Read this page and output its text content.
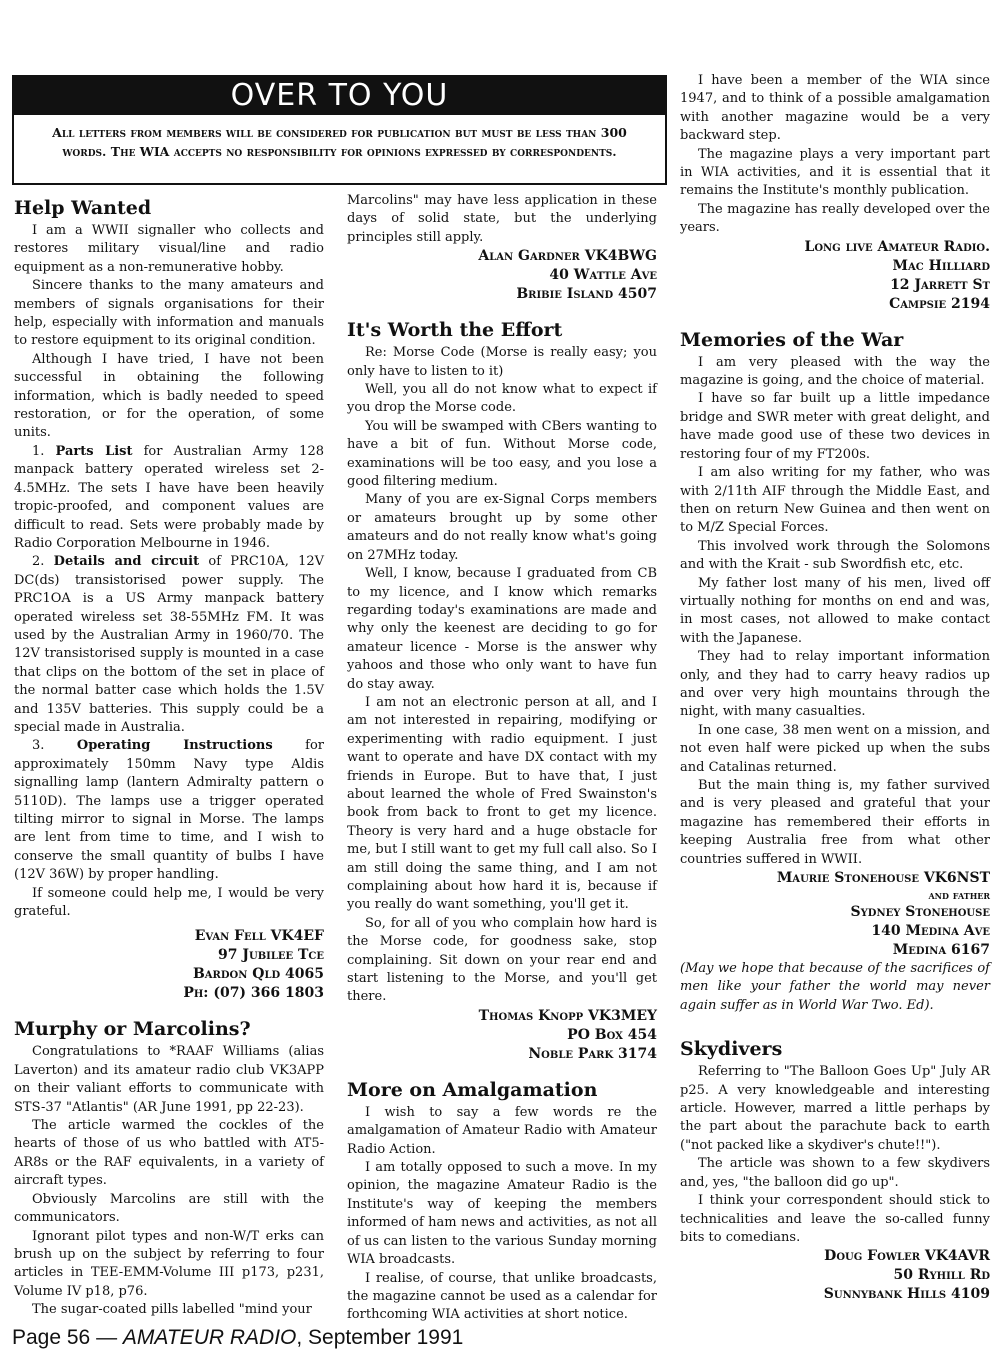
OVER TO YOU
All letters from members will be considered for publication but must be less than 300 words. The WIA accepts no responsibility for opinions expressed by correspondents.
Help Wanted

I am a WWII signaller who collects and restores military visual/line and radio equipment as a non-remunerative hobby.

Sincere thanks to the many amateurs and members of signals organisations for their help, especially with information and manuals to restore equipment to its original condition.

Although I have tried, I have not been successful in obtaining the following information, which is badly needed to speed restoration, or for the operation, of some units.

1. Parts List for Australian Army 128 manpack battery operated wireless set 2-4.5MHz. The sets I have have been heavily tropic-proofed, and component values are difficult to read. Sets were probably made by Radio Corporation Melbourne in 1946.

2. Details and circuit of PRC10A, 12V DC(ds) transistorised power supply. The PRC1OA is a US Army manpack battery operated wireless set 38-55MHz FM. It was used by the Australian Army in 1960/70. The 12V transistorised supply is mounted in a case that clips on the bottom of the set in place of the normal batter case which holds the 1.5V and 135V batteries. This supply could be a special made in Australia.

3. Operating Instructions for approximately 150mm Navy type Aldis signalling lamp (lantern Admiralty pattern o 5110D). The lamps use a trigger operated tilting mirror to signal in Morse. The lamps are lent from time to time, and I wish to conserve the small quantity of bulbs I have (12V 36W) by proper handling.

If someone could help me, I would be very grateful.

Evan Fell VK4EF
97 Jubilee Tce
Bardon Qld 4065
Ph: (07) 366 1803
Murphy or Marcolins?

Congratulations to *RAAF Williams (alias Laverton) and its amateur radio club VK3APP on their valiant efforts to communicate with STS-37 "Atlantis" (AR June 1991, pp 22-23).

The article warmed the cockles of the hearts of those of us who battled with AT5-AR8s or the RAF equivalents, in a variety of aircraft types.

Obviously Marcolins are still with the communicators.

Ignorant pilot types and non-W/T erks can brush up on the subject by referring to four articles in TEE-EMM-Volume III p173, p231, Volume IV p18, p76.

The sugar-coated pills labelled "mind your

Marcolins" may have less application in these days of solid state, but the underlying principles still apply.

Alan Gardner VK4BWG
40 Wattle Ave
Bribie Island 4507
It's Worth the Effort

Re: Morse Code (Morse is really easy; you only have to listen to it)

Well, you all do not know what to expect if you drop the Morse code.

You will be swamped with CBers wanting to have a bit of fun. Without Morse code, examinations will be too easy, and you lose a good filtering medium.

Many of you are ex-Signal Corps members or amateurs brought up by some other amateurs and do not really know what's going on 27MHz today.

Well, I know, because I graduated from CB to my licence, and I know which remarks regarding today's examinations are made and why only the keenest are deciding to go for amateur licence - Morse is the answer why yahoos and those who only want to have fun do stay away.

I am not an electronic person at all, and I am not interested in repairing, modifying or experimenting with radio equipment. I just want to operate and have DX contact with my friends in Europe. But to have that, I just about learned the whole of Fred Swainston's book from back to front to get my licence. Theory is very hard and a huge obstacle for me, but I still want to get my full call also. So I am still doing the same thing, and I am not complaining about how hard it is, because if you really do want something, you'll get it.

So, for all of you who complain how hard is the Morse code, for goodness sake, stop complaining. Sit down on your rear end and start listening to the Morse, and you'll get there.

Thomas Knopp VK3MEY
PO Box 454
Noble Park 3174
More on Amalgamation

I wish to say a few words re the amalgamation of Amateur Radio with Amateur Radio Action.

I am totally opposed to such a move. In my opinion, the magazine Amateur Radio is the Institute's way of keeping the members informed of ham news and activities, as not all of us can listen to the various Sunday morning WIA broadcasts.

I realise, of course, that unlike broadcasts, the magazine cannot be used as a calendar for forthcoming WIA activities at short notice.

I have been a member of the WIA since 1947, and to think of a possible amalgamation with another magazine would be a very backward step.

The magazine plays a very important part in WIA activities, and it is essential that it remains the Institute's monthly publication.

The magazine has really developed over the years.

Long live Amateur Radio.
Mac Hilliard
12 Jarrett St
Campsie 2194
Memories of the War

I am very pleased with the way the magazine is going, and the choice of material.

I have so far built up a little impedance bridge and SWR meter with great delight, and have made good use of these two devices in restoring four of my FT200s.

I am also writing for my father, who was with 2/11th AIF through the Middle East, and then on return New Guinea and then went on to M/Z Special Forces.

This involved work through the Solomons and with the Krait - sub Swordfish etc, etc.

My father lost many of his men, lived off virtually nothing for months on end and was, in most cases, not allowed to make contact with the Japanese.

They had to relay important information only, and they had to carry heavy radios up and over very high mountains through the night, with many casualties.

In one case, 38 men went on a mission, and not even half were picked up when the subs and Catalinas returned.

But the main thing is, my father survived and is very pleased and grateful that your magazine has remembered their efforts in keeping Australia free from what other countries suffered in WWII.

Maurie Stonehouse VK6NST
and father
Sydney Stonehouse
140 Medina Ave
Medina 6167

(May we hope that because of the sacrifices of men like your father the world may never again suffer as in World War Two. Ed).

Skydivers

Referring to "The Balloon Goes Up" July AR p25. A very knowledgeable and interesting article. However, marred a little perhaps by the part about the parachute back to earth ("not packed like a skydiver's chute!!").

The article was shown to a few skydivers and, yes, "the balloon did go up".

I think your correspondent should stick to technicalities and leave the so-called funny bits to comedians.

Doug Fowler VK4AVR
50 Ryhill Rd
Sunnybank Hills 4109
Page 56 — AMATEUR RADIO, September 1991
